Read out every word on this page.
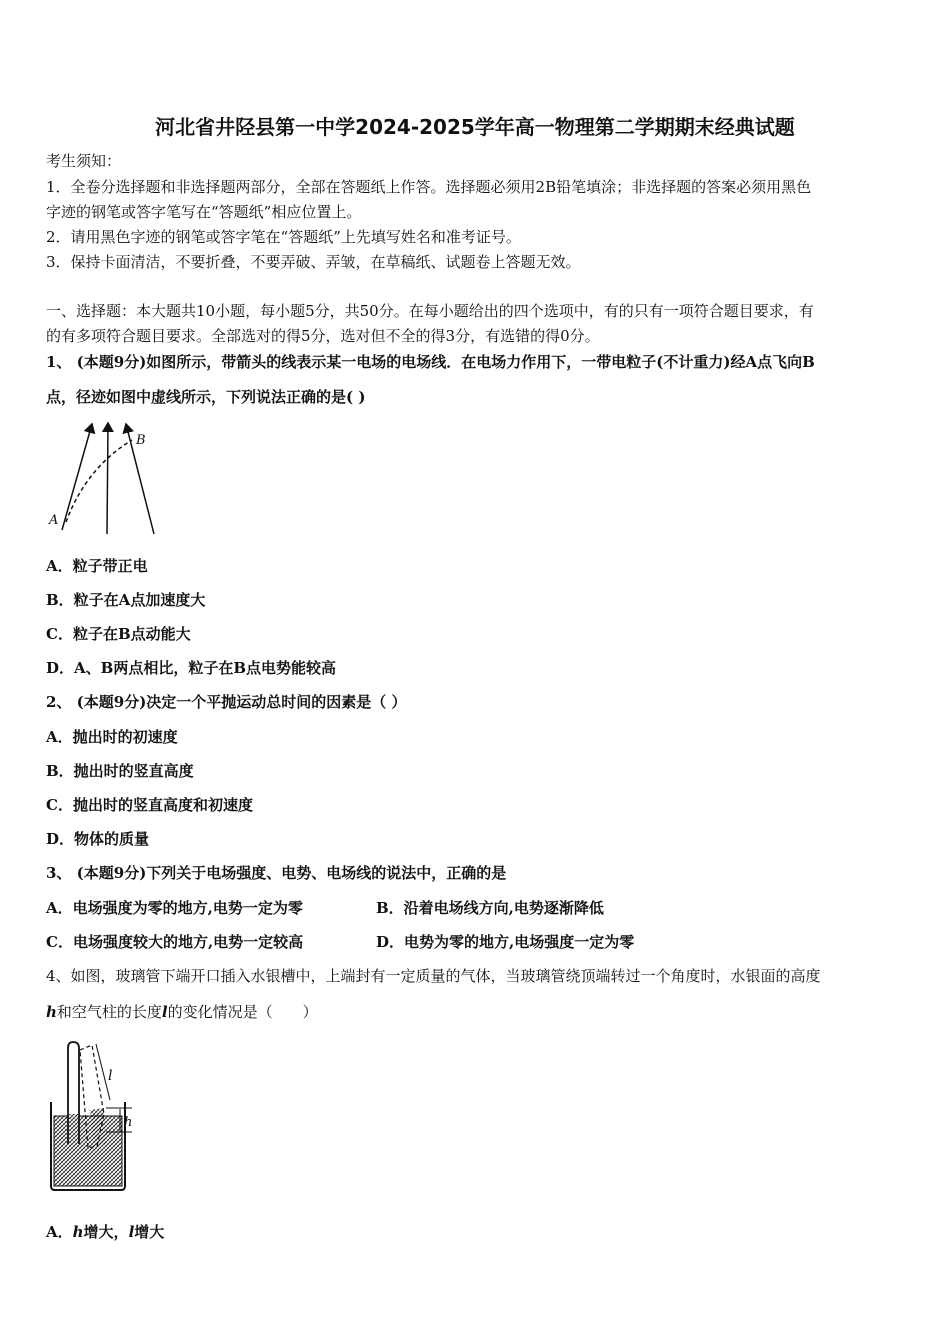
河北省井陉县第一中学2024-2025学年高一物理第二学期期末经典试题
考生须知：
1．全卷分选择题和非选择题两部分，全部在答题纸上作答。选择题必须用2B铅笔填涂；非选择题的答案必须用黑色
字迹的钢笔或答字笔写在“答题纸”相应位置上。
2．请用黑色字迹的钢笔或答字笔在“答题纸”上先填写姓名和准考证号。
3．保持卡面清洁，不要折叠，不要弄破、弄皱，在草稿纸、试题卷上答题无效。
一、选择题：本大题共10小题，每小题5分，共50分。在每小题给出的四个选项中，有的只有一项符合题目要求，有
的有多项符合题目要求。全部选对的得5分，选对但不全的得3分，有选错的得0分。
1、 (本题9分)如图所示，带箭头的线表示某一电场的电场线．在电场力作用下，一带电粒子(不计重力)经A点飞向B
点，径迹如图中虚线所示，下列说法正确的是( )
A
B
A．粒子带正电
B．粒子在A点加速度大
C．粒子在B点动能大
D．A、B两点相比，粒子在B点电势能较高
2、 (本题9分)决定一个平抛运动总时间的因素是（ ）
A．抛出时的初速度
B．抛出时的竖直高度
C．抛出时的竖直高度和初速度
D．物体的质量
3、 (本题9分)下列关于电场强度、电势、电场线的说法中，正确的是
A．电场强度为零的地方,电势一定为零	B．沿着电场线方向,电势逐渐降低
C．电场强度较大的地方,电势一定较高	D．电势为零的地方,电场强度一定为零
4、如图，玻璃管下端开口插入水银槽中，上端封有一定质量的气体，当玻璃管绕顶端转过一个角度时，水银面的高度
h和空气柱的长度l的变化情况是（　　）
l
h
A．h增大，l增大
